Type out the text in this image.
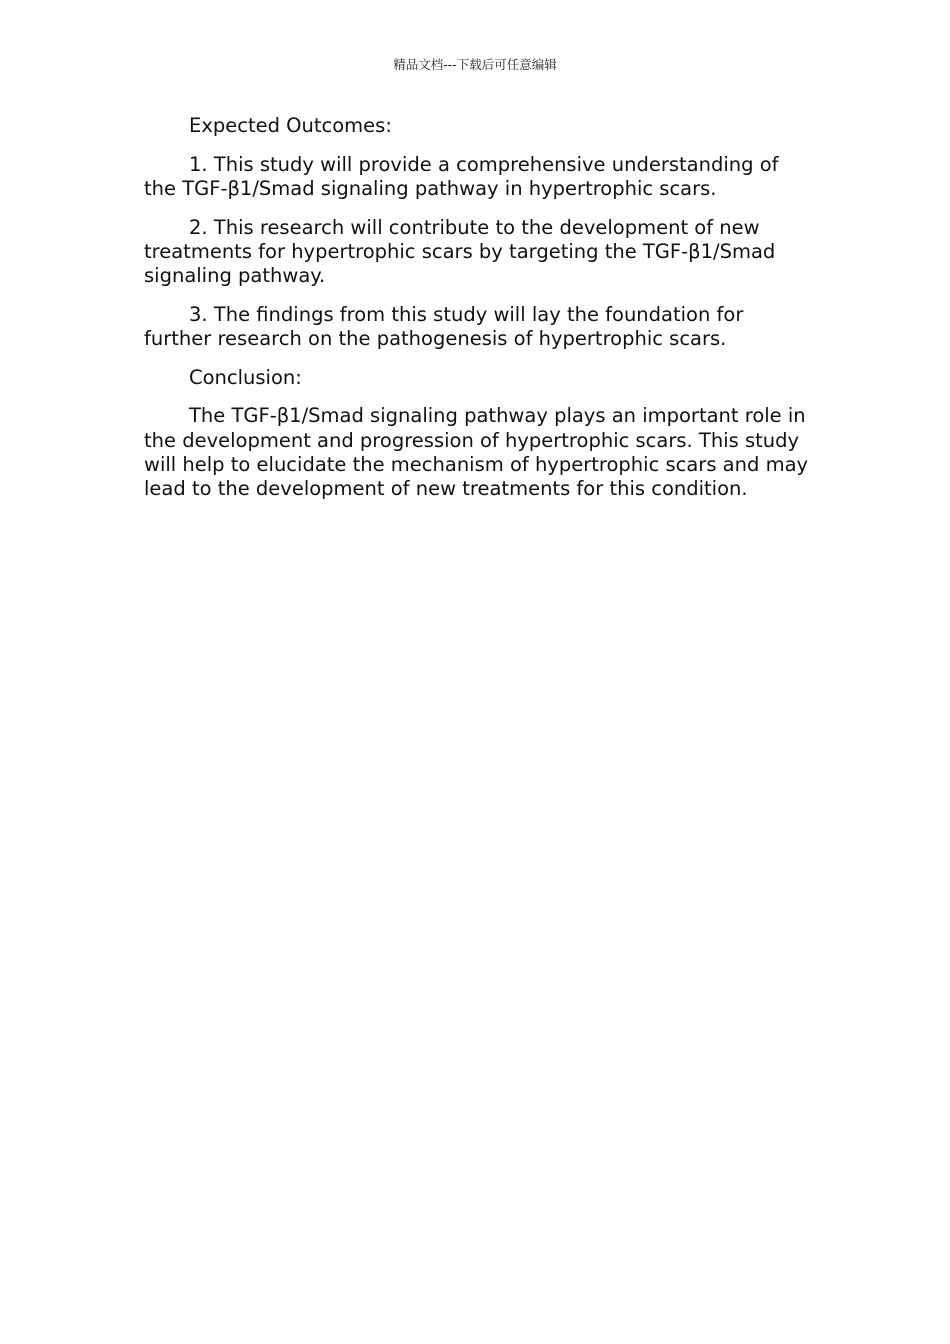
精品文档---下载后可任意编辑

Expected Outcomes:

1. This study will provide a comprehensive understanding of the TGF-β1/Smad signaling pathway in hypertrophic scars.

2. This research will contribute to the development of new treatments for hypertrophic scars by targeting the TGF-β1/Smad signaling pathway.

3. The findings from this study will lay the foundation for further research on the pathogenesis of hypertrophic scars.

Conclusion:

The TGF-β1/Smad signaling pathway plays an important role in the development and progression of hypertrophic scars. This study will help to elucidate the mechanism of hypertrophic scars and may lead to the development of new treatments for this condition.
